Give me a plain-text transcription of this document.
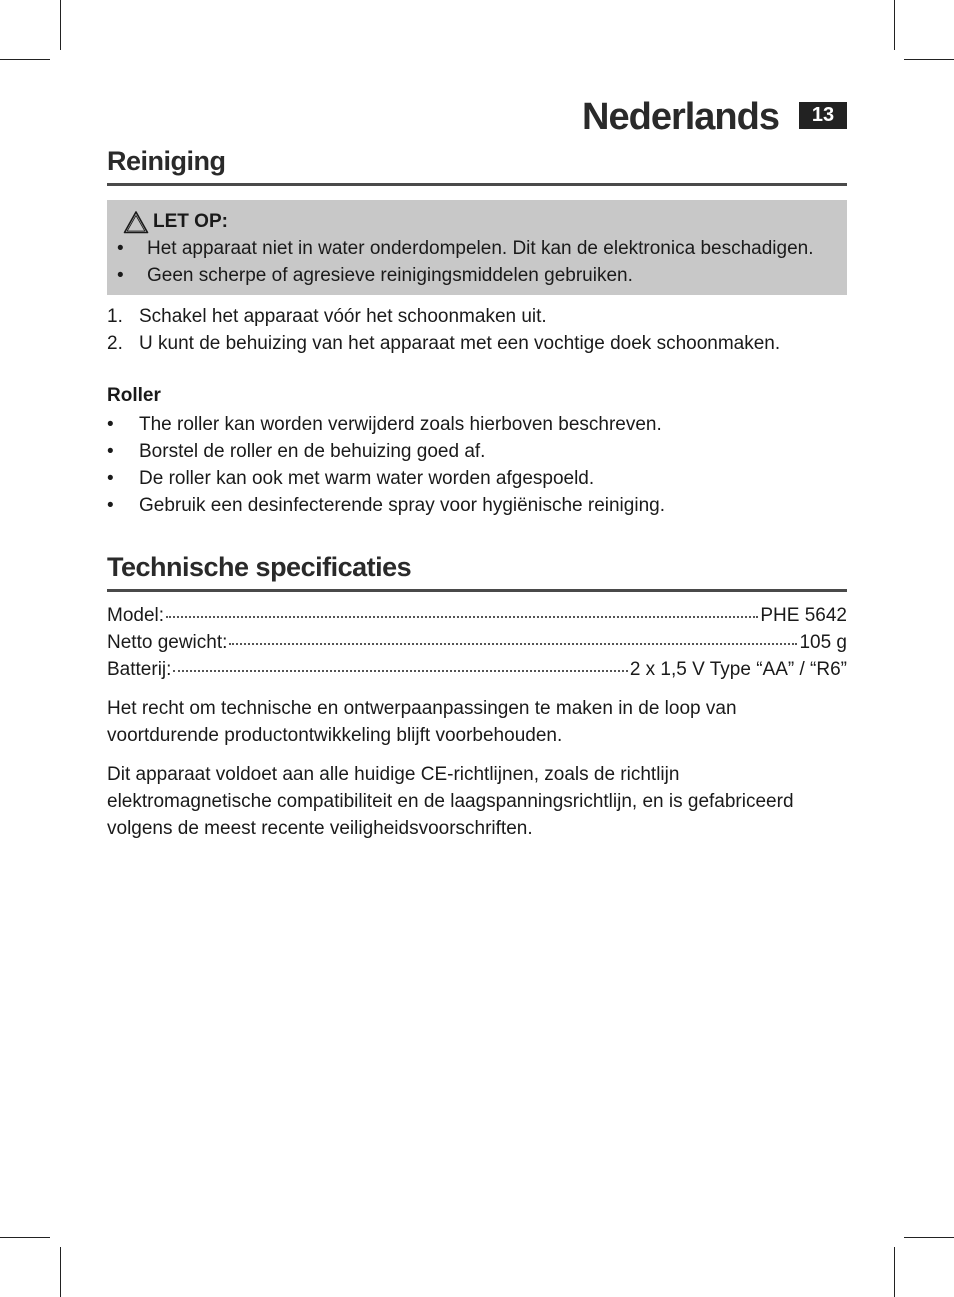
Nederlands	13
Reiniging
LET OP:
•	Het apparaat niet in water onderdompelen. Dit kan de elektronica beschadigen.
•	Geen scherpe of agresieve reinigingsmiddelen gebruiken.
1. Schakel het apparaat vóór het schoonmaken uit.
2. U kunt de behuizing van het apparaat met een vochtige doek schoonmaken.
Roller
•	The roller kan worden verwijderd zoals hierboven beschreven.
•	Borstel de roller en de behuizing goed af.
•	De roller kan ook met warm water worden afgespoeld.
•	Gebruik een desinfecterende spray voor hygiënische reiniging.
Technische specificaties
Model:	PHE 5642
Netto gewicht:	105 g
Batterij:	2 x 1,5 V Type “AA” / “R6”
Het recht om technische en ontwerpaanpassingen te maken in de loop van voortdurende productontwikkeling blijft voorbehouden.
Dit apparaat voldoet aan alle huidige CE-richtlijnen, zoals de richtlijn elektromagnetische compatibiliteit en de laagspanningsrichtlijn, en is gefabriceerd volgens de meest recente veiligheidsvoorschriften.
